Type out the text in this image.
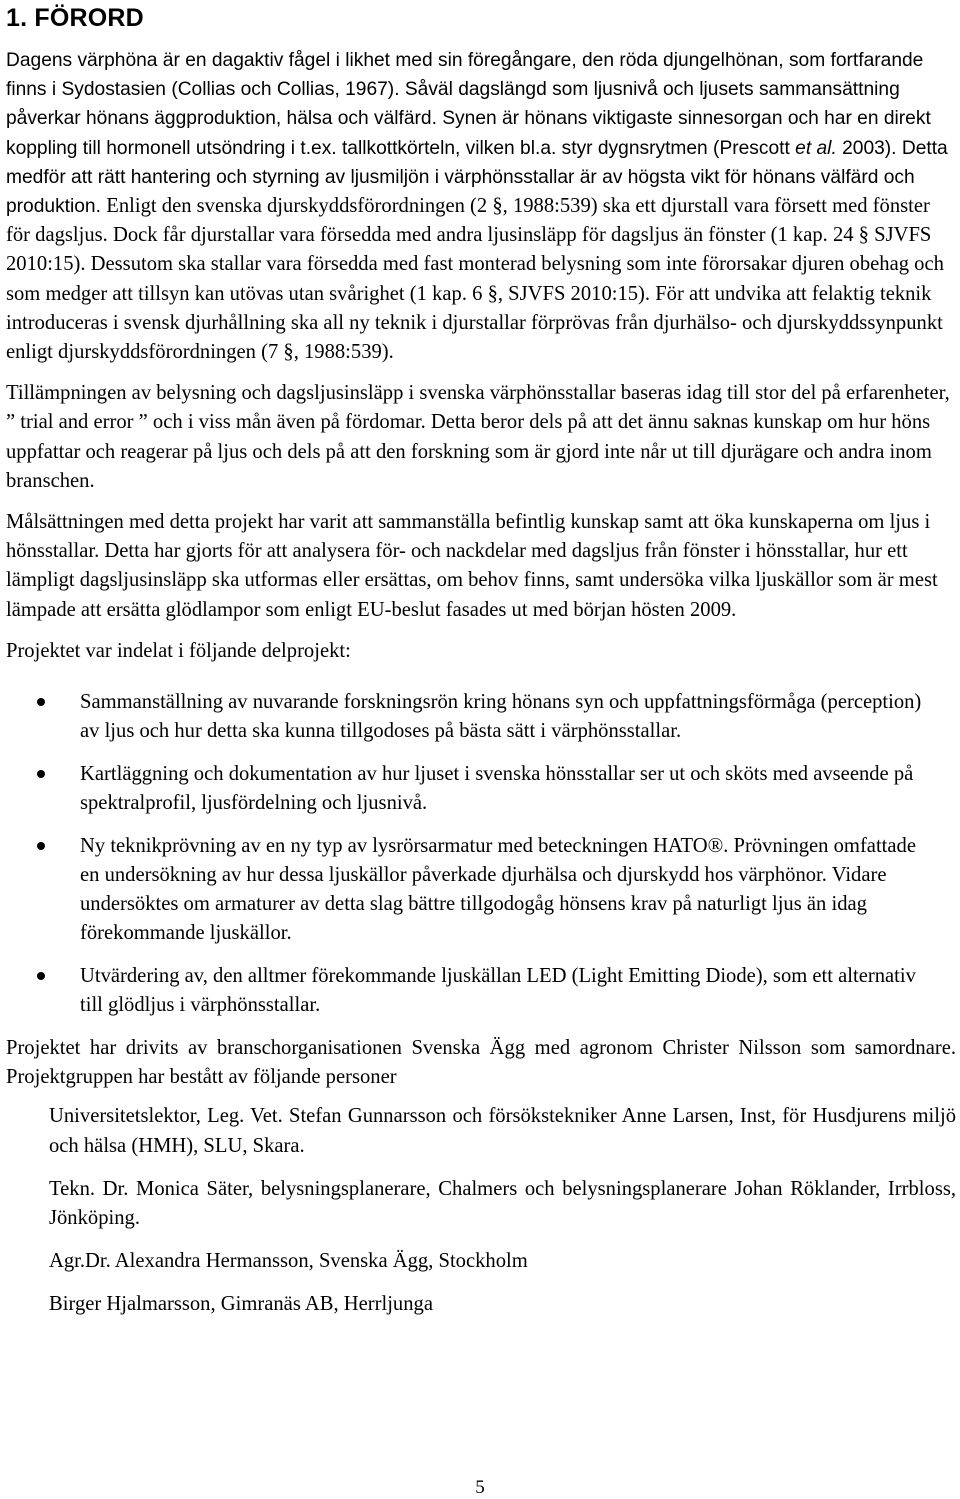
1. FÖRORD

Dagens värphöna är en dagaktiv fågel i likhet med sin föregångare, den röda djungelhönan, som fortfarande finns i Sydostasien (Collias och Collias, 1967). Såväl dagslängd som ljusnivå och ljusets sammansättning påverkar hönans äggproduktion, hälsa och välfärd. Synen är hönans viktigaste sinnesorgan och har en direkt koppling till hormonell utsöndring i t.ex. tallkottkörteln, vilken bl.a. styr dygnsrytmen (Prescott et al. 2003). Detta medför att rätt hantering och styrning av ljusmiljön i värphönsstallar är av högsta vikt för hönans välfärd och produktion. Enligt den svenska djurskyddsförordningen (2 §, 1988:539) ska ett djurstall vara försett med fönster för dagsljus. Dock får djurstallar vara försedda med andra ljusinsläpp för dagsljus än fönster (1 kap. 24 § SJVFS 2010:15). Dessutom ska stallar vara försedda med fast monterad belysning som inte förorsakar djuren obehag och som medger att tillsyn kan utövas utan svårighet (1 kap. 6 §, SJVFS 2010:15). För att undvika att felaktig teknik introduceras i svensk djurhållning ska all ny teknik i djurstallar förprövas från djurhälso- och djurskyddssynpunkt enligt djurskyddsförordningen (7 §, 1988:539).

Tillämpningen av belysning och dagsljusinsläpp i svenska värphönsstallar baseras idag till stor del på erfarenheter, ” trial and error ” och i viss mån även på fördomar. Detta beror dels på att det ännu saknas kunskap om hur höns uppfattar och reagerar på ljus och dels på att den forskning som är gjord inte når ut till djurägare och andra inom branschen.

Målsättningen med detta projekt har varit att sammanställa befintlig kunskap samt att öka kunskaperna om ljus i hönsstallar. Detta har gjorts för att analysera för- och nackdelar med dagsljus från fönster i hönsstallar, hur ett lämpligt dagsljusinsläpp ska utformas eller ersättas, om behov finns, samt undersöka vilka ljuskällor som är mest lämpade att ersätta glödlampor som enligt EU-beslut fasades ut med början hösten 2009.

Projektet var indelat i följande delprojekt:

Sammanställning av nuvarande forskningsrön kring hönans syn och uppfattningsförmåga (perception) av ljus och hur detta ska kunna tillgodoses på bästa sätt i värphönsstallar.
Kartläggning och dokumentation av hur ljuset i svenska hönsstallar ser ut och sköts med avseende på spektralprofil, ljusfördelning och ljusnivå.
Ny teknikprövning av en ny typ av lysrörsarmatur med beteckningen HATO®. Prövningen omfattade en undersökning av hur dessa ljuskällor påverkade djurhälsa och djurskydd hos värphönor. Vidare undersöktes om armaturer av detta slag bättre tillgodogåg hönsens krav på naturligt ljus än idag förekommande ljuskällor.
Utvärdering av, den alltmer förekommande ljuskällan LED (Light Emitting Diode), som ett alternativ till glödljus i värphönsstallar.

Projektet har drivits av branschorganisationen Svenska Ägg med agronom Christer Nilsson som samordnare. Projektgruppen har bestått av följande personer

Universitetslektor, Leg. Vet. Stefan Gunnarsson och försökstekniker Anne Larsen, Inst, för Husdjurens miljö och hälsa (HMH), SLU, Skara.

Tekn. Dr. Monica Säter, belysningsplanerare, Chalmers och belysningsplanerare Johan Röklander, Irrbloss, Jönköping.

Agr.Dr. Alexandra Hermansson, Svenska Ägg, Stockholm

Birger Hjalmarsson, Gimranäs AB, Herrljunga

5
